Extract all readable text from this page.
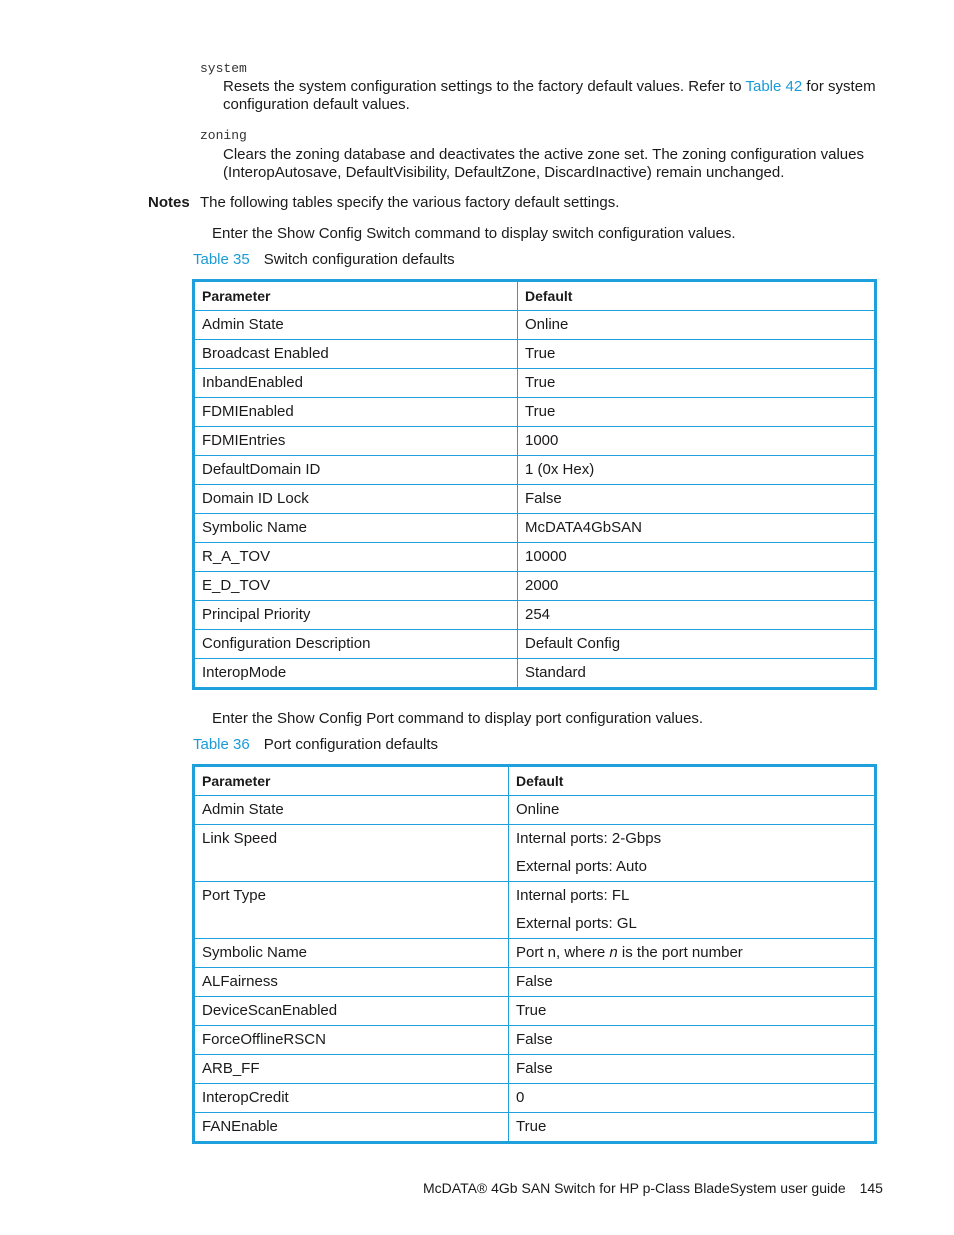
system
Resets the system configuration settings to the factory default values. Refer to Table 42 for system
configuration default values.
zoning
Clears the zoning database and deactivates the active zone set. The zoning configuration values
(InteropAutosave, DefaultVisibility, DefaultZone, DiscardInactive) remain unchanged.
Notes The following tables specify the various factory default settings.
Enter the Show Config Switch command to display switch configuration values.
Table 35 Switch configuration defaults
Parameter	Default
Admin State	Online
Broadcast Enabled	True
InbandEnabled	True
FDMIEnabled	True
FDMIEntries	1000
DefaultDomain ID	1 (0x Hex)
Domain ID Lock	False
Symbolic Name	McDATA4GbSAN
R_A_TOV	10000
E_D_TOV	2000
Principal Priority	254
Configuration Description	Default Config
InteropMode	Standard
Enter the Show Config Port command to display port configuration values.
Table 36 Port configuration defaults
Parameter	Default
Admin State	Online
Link Speed	Internal ports: 2-Gbps
External ports: Auto

Port Type	Internal ports: FL
External ports: GL

Symbolic Name	Port n, where n is the port number
ALFairness	False
DeviceScanEnabled	True
ForceOfflineRSCN	False
ARB_FF	False
InteropCredit	0
FANEnable	True
McDATA® 4Gb SAN Switch for HP p-Class BladeSystem user guide 145
